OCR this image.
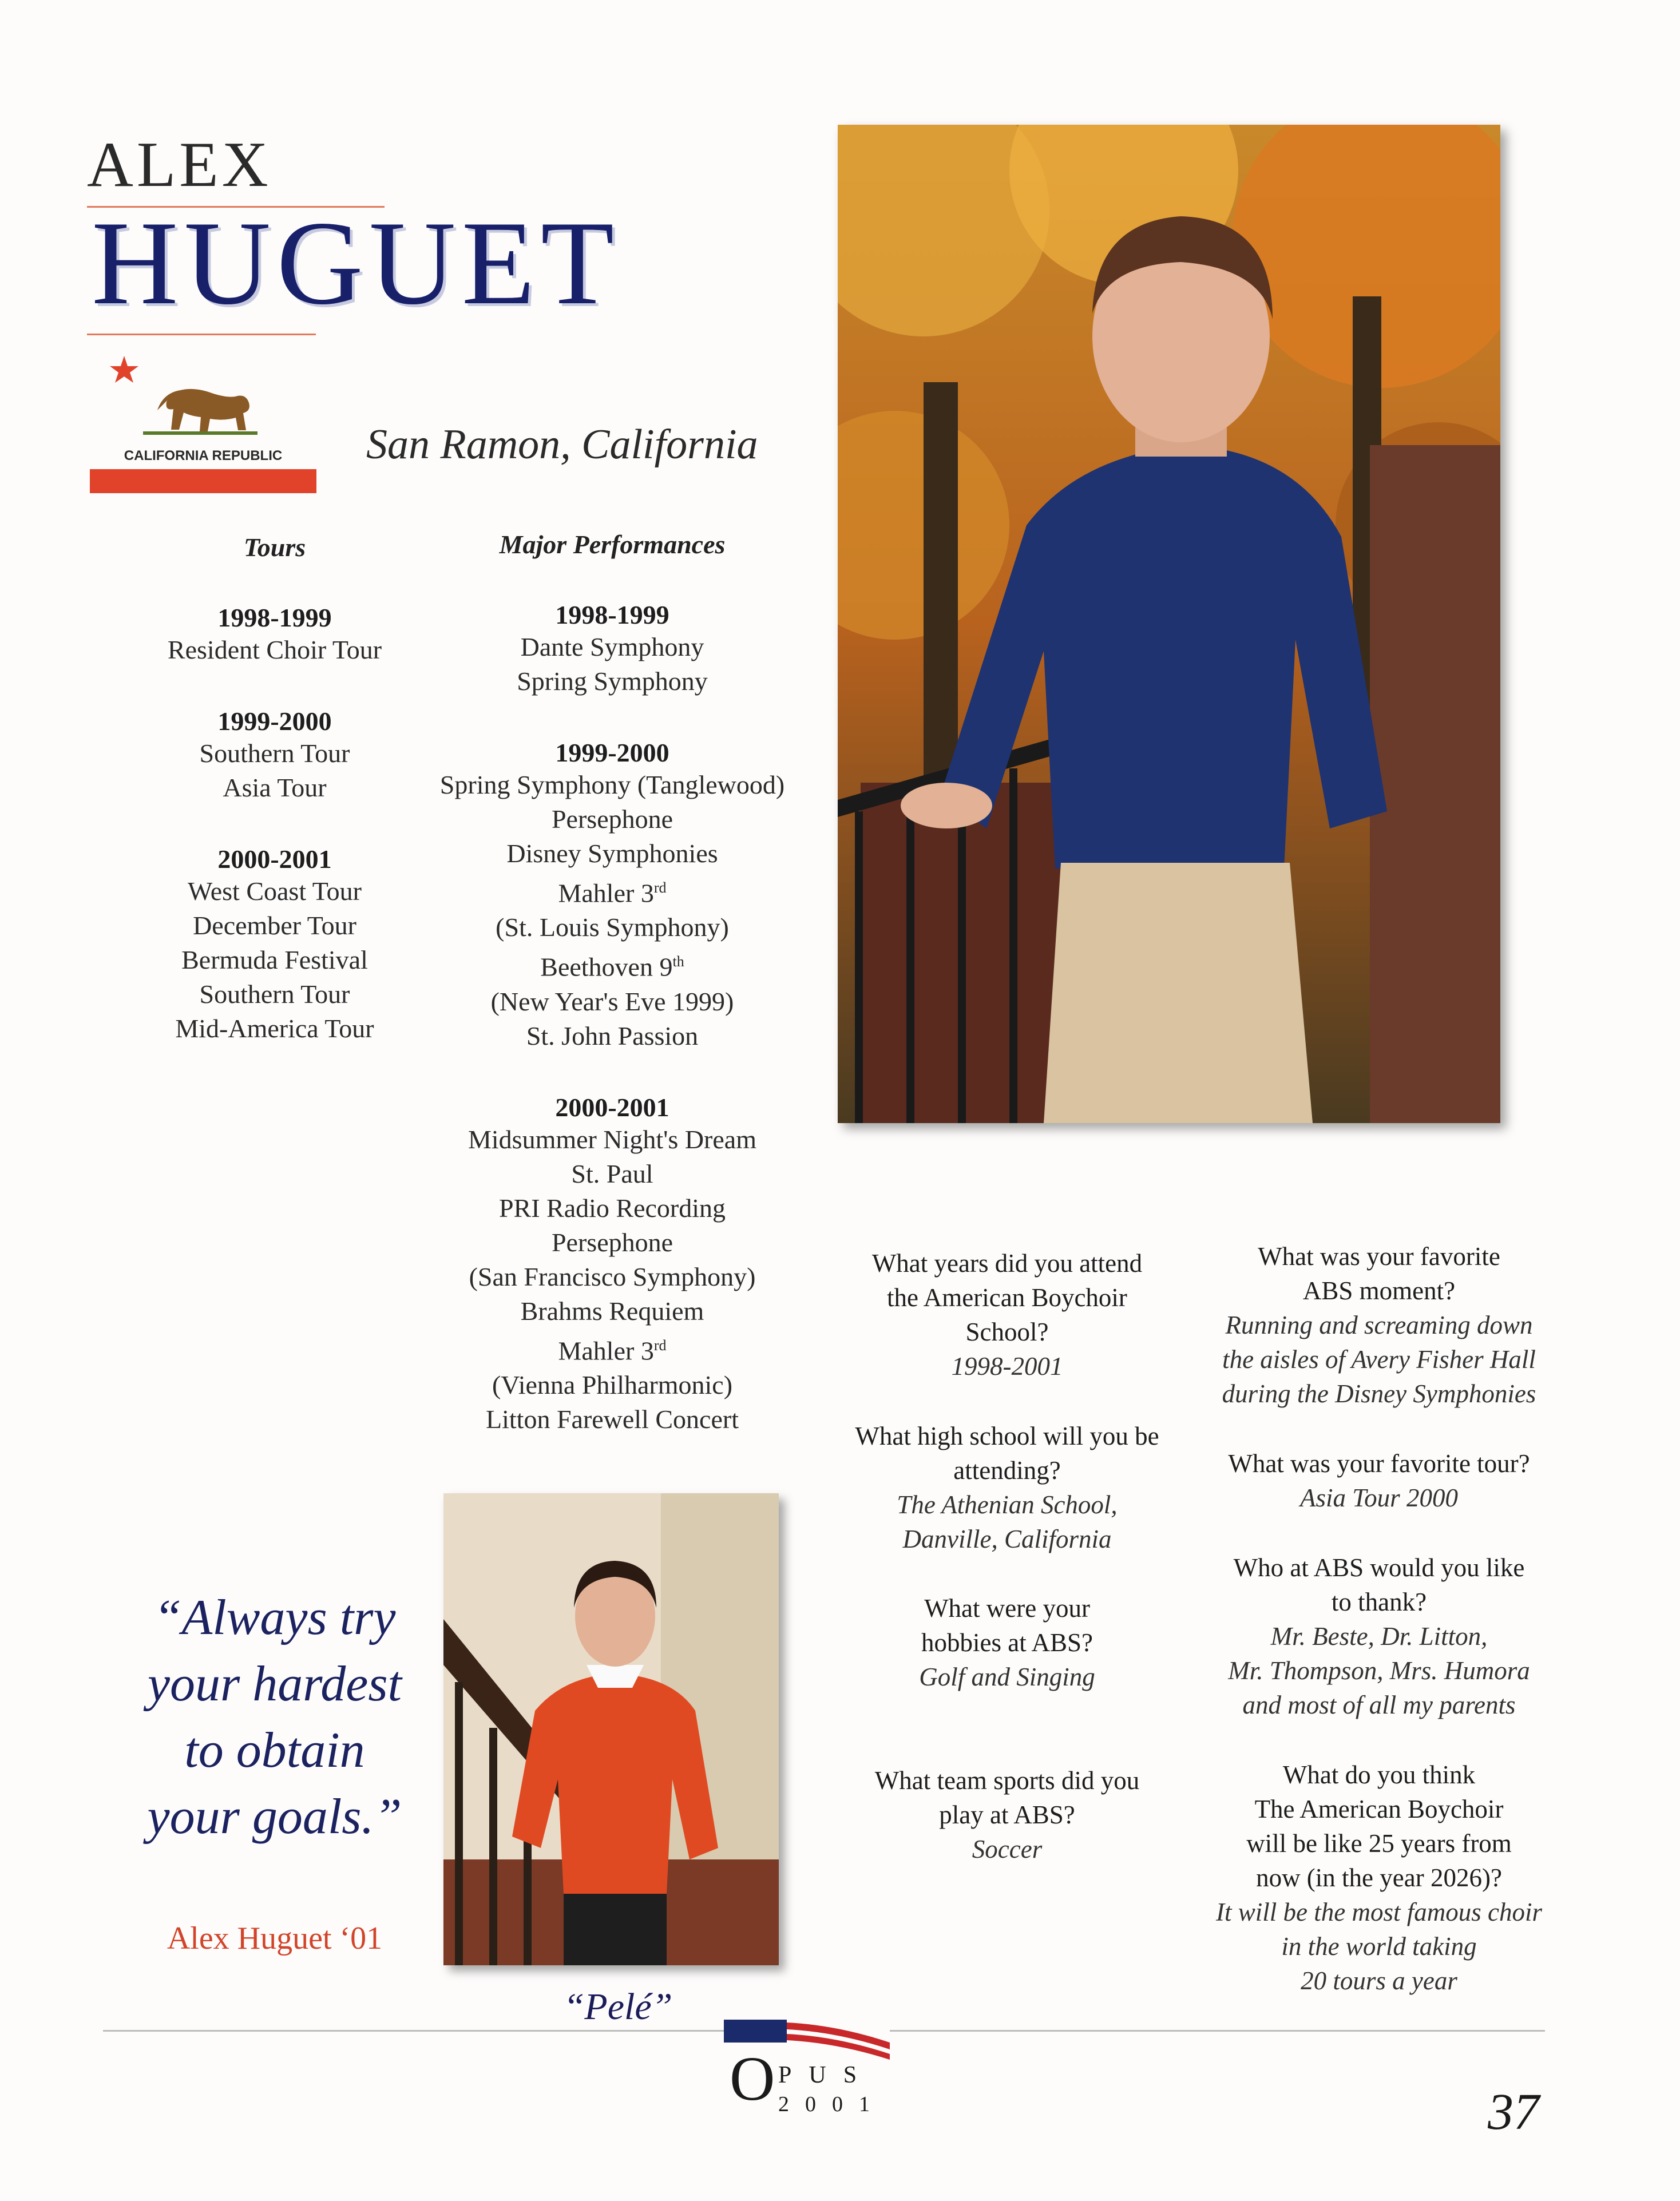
ALEX
HUGUET
CALIFORNIA REPUBLIC San Ramon, California
Tours
1998-1999
Resident Choir Tour
1999-2000
Southern Tour
Asia Tour
2000-2001
West Coast Tour
December Tour
Bermuda Festival
Southern Tour
Mid-America Tour
Major Performances
1998-1999
Dante Symphony
Spring Symphony
1999-2000
Spring Symphony (Tanglewood)
Persephone
Disney Symphonies
Mahler 3rd
(St. Louis Symphony)
Beethoven 9th
(New Year's Eve 1999)
St. John Passion
2000-2001
Midsummer Night's Dream
St. Paul
PRI Radio Recording
Persephone
(San Francisco Symphony)
Brahms Requiem
Mahler 3rd
(Vienna Philharmonic)
Litton Farewell Concert
“Always try
your hardest
to obtain
your goals.”
Alex Huguet ‘01
“Pelé”
What years did you attend
the American Boychoir
School?
1998-2001
What high school will you be
attending?
The Athenian School,
Danville, California
What were your
hobbies at ABS?
Golf and Singing
What team sports did you
play at ABS?
Soccer
What was your favorite
ABS moment?
Running and screaming down
the aisles of Avery Fisher Hall
during the Disney Symphonies
What was your favorite tour?
Asia Tour 2000
Who at ABS would you like
to thank?
Mr. Beste, Dr. Litton,
Mr. Thompson, Mrs. Humora
and most of all my parents
What do you think
The American Boychoir
will be like 25 years from
now (in the year 2026)?
It will be the most famous choir
in the world taking
20 tours a year
O PUS
2001	37
